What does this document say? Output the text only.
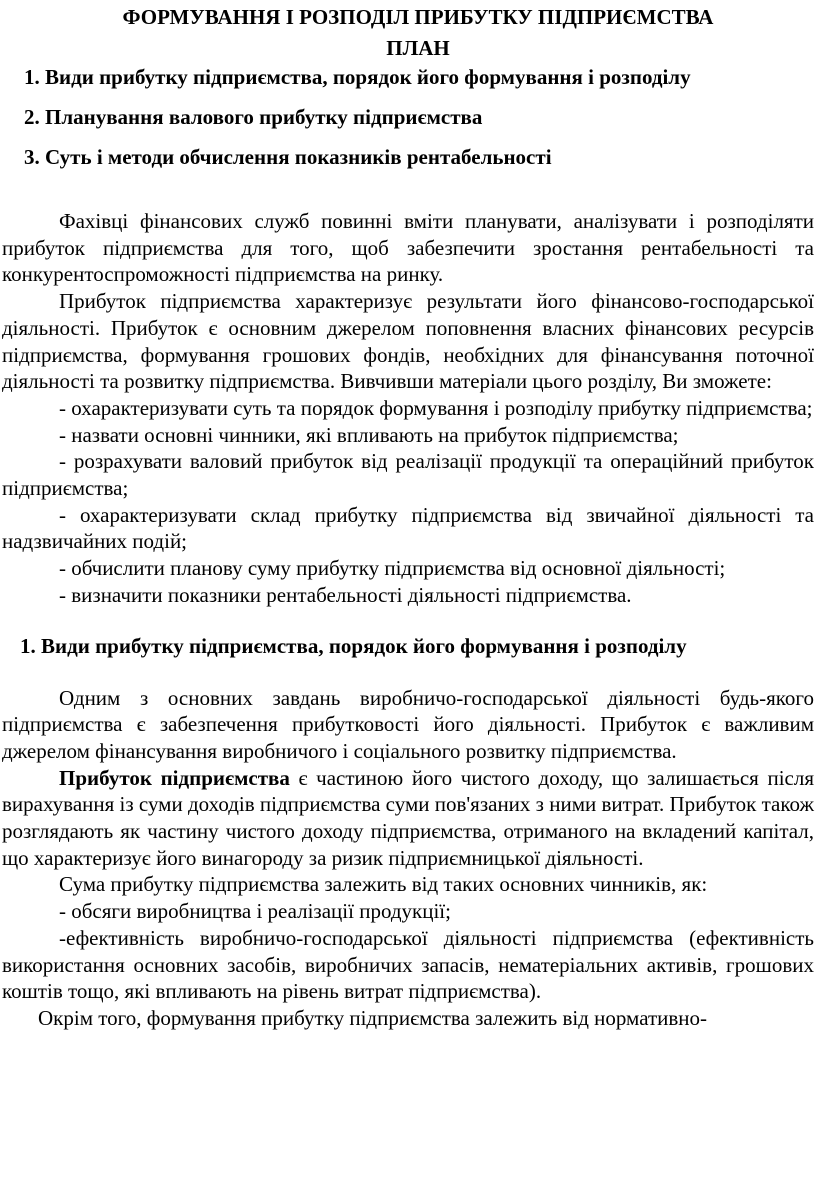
ФОРМУВАННЯ І РОЗПОДІЛ ПРИБУТКУ ПІДПРИЄМСТВА

ПЛАН

1. Види прибутку підприємства, порядок його формування і розподілу

2. Планування валового прибутку підприємства

3. Суть і методи обчислення показників рентабельності

Фахівці фінансових служб повинні вміти планувати, аналізувати і розподіляти прибуток підприємства для того, щоб забезпечити зростання рентабельності та конкурентоспроможності підприємства на ринку.

Прибуток підприємства характеризує результати його фінансово-господарської діяльності. Прибуток є основним джерелом поповнення власних фінансових ресурсів підприємства, формування грошових фондів, необхідних для фінансування поточної діяльності та розвитку підприємства. Вивчивши матеріали цього розділу, Ви зможете:

- охарактеризувати суть та порядок формування і розподілу прибутку підприємства;

- назвати основні чинники, які впливають на прибуток підприємства;

- розрахувати валовий прибуток від реалізації продукції та операційний прибуток підприємства;

- охарактеризувати склад прибутку підприємства від звичайної діяльності та надзвичайних подій;

- обчислити планову суму прибутку підприємства від основної діяльності;

- визначити показники рентабельності діяльності підприємства.

1. Види прибутку підприємства, порядок його формування і розподілу

Одним з основних завдань виробничо-господарської діяльності будь-якого підприємства є забезпечення прибутковості його діяльності. Прибуток є важливим джерелом фінансування виробничого і соціального розвитку підприємства.

Прибуток підприємства є частиною його чистого доходу, що залишається після вирахування із суми доходів підприємства суми пов'язаних з ними витрат. Прибуток також розглядають як частину чистого доходу підприємства, отриманого на вкладений капітал, що характеризує його винагороду за ризик підприємницької діяльності.

Сума прибутку підприємства залежить від таких основних чинників, як:

- обсяги виробництва і реалізації продукції;

-ефективність виробничо-господарської діяльності підприємства (ефективність використання основних засобів, виробничих запасів, нематеріальних активів, грошових коштів тощо, які впливають на рівень витрат підприємства).

Окрім того, формування прибутку підприємства залежить від нормативно-
